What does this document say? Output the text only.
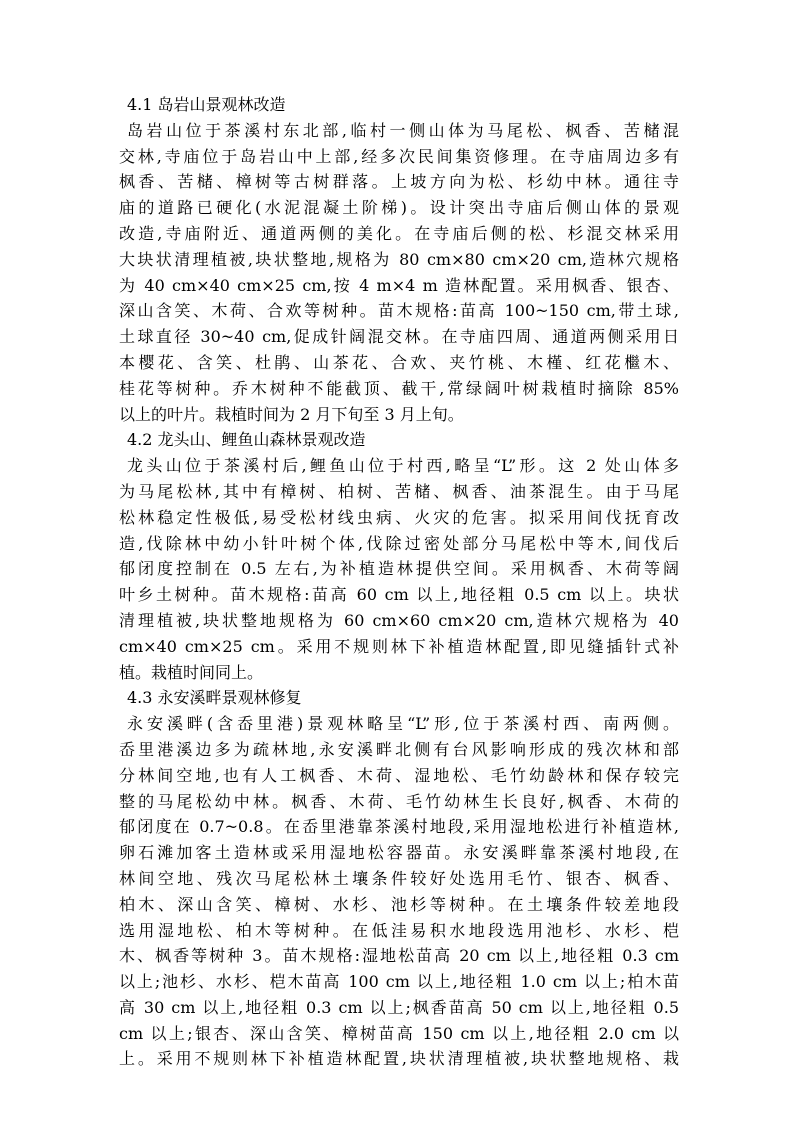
4.1 岛岩山景观林改造
岛岩山位于茶溪村东北部,临村一侧山体为马尾松、枫香、苦槠混
交林,寺庙位于岛岩山中上部,经多次民间集资修理。在寺庙周边多有
枫香、苦槠、樟树等古树群落。上坡方向为松、杉幼中林。通往寺
庙的道路已硬化(水泥混凝土阶梯)。设计突出寺庙后侧山体的景观
改造,寺庙附近、通道两侧的美化。在寺庙后侧的松、杉混交林采用
大块状清理植被,块状整地,规格为 80 cm×80 cm×20 cm,造林穴规格
为 40 cm×40 cm×25 cm,按 4 m×4 m 造林配置。采用枫香、银杏、
深山含笑、木荷、合欢等树种。苗木规格:苗高 100~150 cm,带土球,
土球直径 30~40 cm,促成针阔混交林。在寺庙四周、通道两侧采用日
本樱花、含笑、杜鹃、山茶花、合欢、夹竹桃、木槿、红花檵木、
桂花等树种。乔木树种不能截顶、截干,常绿阔叶树栽植时摘除 85%
以上的叶片。栽植时间为 2 月下旬至 3 月上旬。
4.2 龙头山、鲤鱼山森林景观改造
龙头山位于茶溪村后,鲤鱼山位于村西,略呈“L”形。这 2 处山体多
为马尾松林,其中有樟树、柏树、苦槠、枫香、油茶混生。由于马尾
松林稳定性极低,易受松材线虫病、火灾的危害。拟采用间伐抚育改
造,伐除林中幼小针叶树个体,伐除过密处部分马尾松中等木,间伐后
郁闭度控制在 0.5 左右,为补植造林提供空间。采用枫香、木荷等阔
叶乡土树种。苗木规格:苗高 60 cm 以上,地径粗 0.5 cm 以上。块状
清理植被,块状整地规格为 60 cm×60 cm×20 cm,造林穴规格为 40
cm×40 cm×25 cm。采用不规则林下补植造林配置,即见缝插针式补
植。栽植时间同上。
4.3 永安溪畔景观林修复
永安溪畔(含岙里港)景观林略呈“L”形,位于茶溪村西、南两侧。
岙里港溪边多为疏林地,永安溪畔北侧有台风影响形成的残次林和部
分林间空地,也有人工枫香、木荷、湿地松、毛竹幼龄林和保存较完
整的马尾松幼中林。枫香、木荷、毛竹幼林生长良好,枫香、木荷的
郁闭度在 0.7~0.8。在岙里港靠茶溪村地段,采用湿地松进行补植造林,
卵石滩加客土造林或采用湿地松容器苗。永安溪畔靠茶溪村地段,在
林间空地、残次马尾松林土壤条件较好处选用毛竹、银杏、枫香、
柏木、深山含笑、樟树、水杉、池杉等树种。在土壤条件较差地段
选用湿地松、柏木等树种。在低洼易积水地段选用池杉、水杉、桤
木、枫香等树种 3。苗木规格:湿地松苗高 20 cm 以上,地径粗 0.3 cm
以上;池杉、水杉、桤木苗高 100 cm 以上,地径粗 1.0 cm 以上;柏木苗
高 30 cm 以上,地径粗 0.3 cm 以上;枫香苗高 50 cm 以上,地径粗 0.5
cm 以上;银杏、深山含笑、樟树苗高 150 cm 以上,地径粗 2.0 cm 以
上。采用不规则林下补植造林配置,块状清理植被,块状整地规格、栽
